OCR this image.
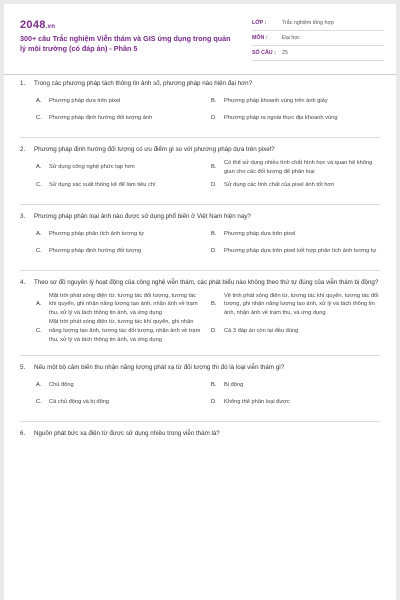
2048.vn
300+ câu Trắc nghiệm Viễn thám và GIS ứng dụng trong quản lý môi trường (có đáp án) - Phần 5
LỚP :	Trắc nghiệm tổng hợp
MÔN :	Đại học
SỐ CÂU :	25
1.	Trong các phương pháp tách thông tin ảnh số, phương pháp nào hiện đại hơn?
A.	Phương pháp dựa trên pixel	B.	Phương pháp khoanh vùng trên ảnh giấy
C.	Phương pháp định hướng đối tượng ảnh	D.	Phương pháp ra ngoài thực địa khoanh vùng
2.	Phương pháp định hướng đối tượng có ưu điểm gì so với phương pháp dựa trên pixel?
A.	Sử dụng công nghệ phức tạp hơn	B.
Có thể sử dụng nhiều tính chất hình học và quan hệ không gian cho các đối tượng để phân loại
C.	Sử dụng xác suất thống kê để làm tiêu chí	D.	Sử dụng các tính chất của pixel ảnh tốt hơn
3.	Phương pháp phân loại ảnh nào được sử dụng phổ biến ở Việt Nam hiện nay?
A.	Phương pháp phân tích ảnh tương tự	B.	Phương pháp dựa trên pixel
C.	Phương pháp định hướng đối tượng	D.	Phương pháp dựa trên pixel kết hợp phân tích ảnh tương tự
4.	Theo sơ đồ nguyên lý hoạt động của công nghệ viễn thám, các phát biểu nào không theo thứ tự đúng của viễn thám bị động?
A.
Mặt trời phát sóng điện từ, tương tác đối tượng, tương tác khí quyển, ghi nhận năng lượng tạo ảnh, nhận ảnh về trạm thu, xử lý và tách thông tin ảnh, và ứng dụng
B.
Vệ tinh phát sóng điện từ, tương tác khí quyển, tương tác đối tượng, ghi nhận năng lượng tạo ảnh, xử lý và tách thông tin ảnh, nhận ảnh về trạm thu, và ứng dụng
C.
Mặt trời phát sóng điện từ, tương tác khí quyển, ghi nhận năng lượng tạo ảnh, tương tác đối tượng, nhận ảnh về trạm thu, xử lý và tách thông tin ảnh, và ứng dụng
D.	Cả 3 đáp án còn lại đều đúng
5.	Nếu một bộ cảm biến thu nhận năng lượng phát xạ từ đối tượng thì đó là loại viễn thám gì?
A.	Chủ động	B.	Bị động
C.	Cả chủ động và bị động	D.	Không thể phân loại được
6.	Nguồn phát bức xạ điện từ được sử dụng nhiều trong viễn thám là?
